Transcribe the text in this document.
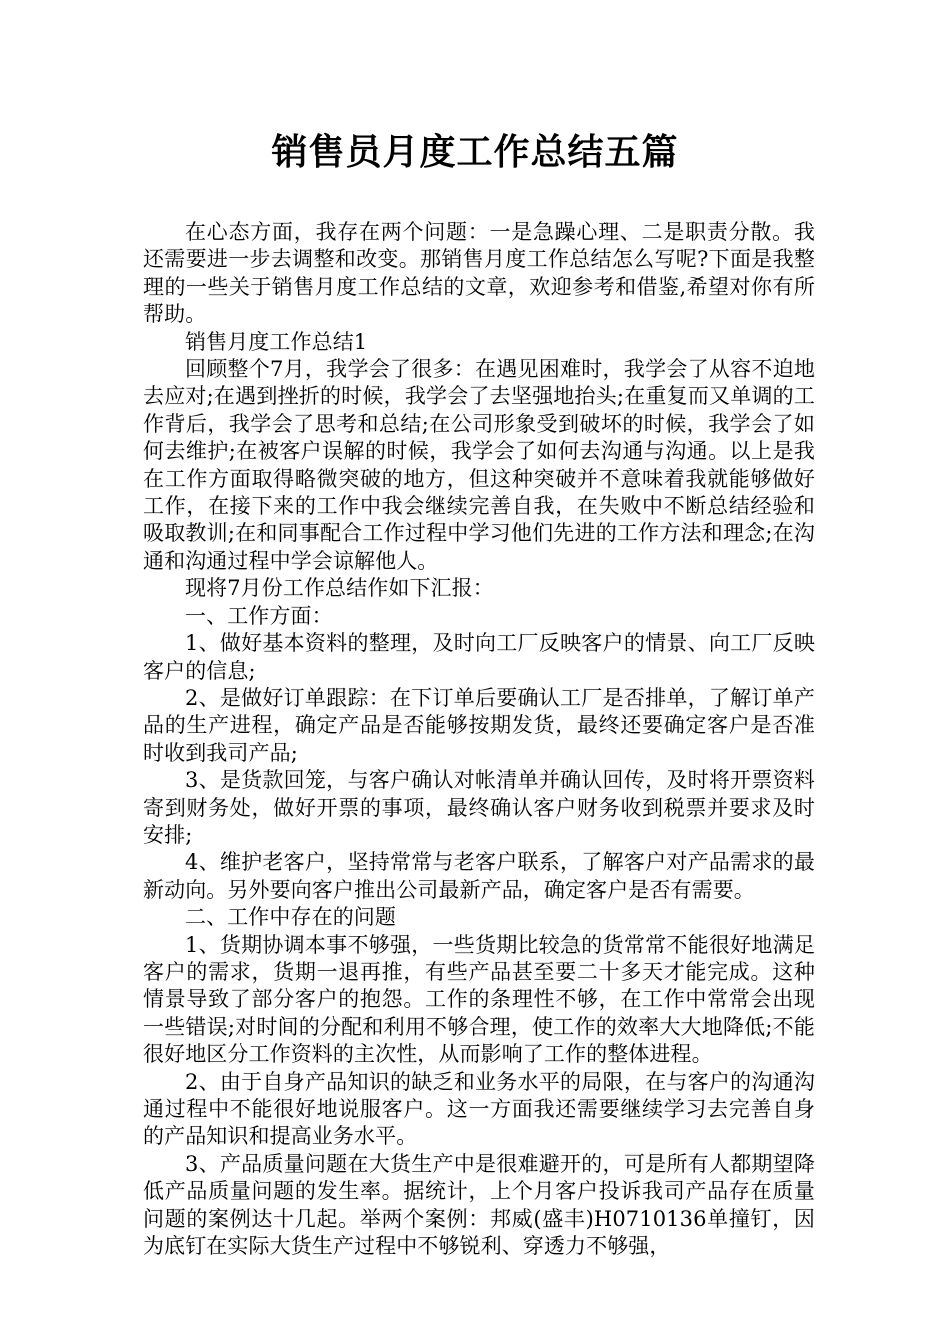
销售员月度工作总结五篇

在心态方面，我存在两个问题：一是急躁心理、二是职责分散。我还需要进一步去调整和改变。那销售月度工作总结怎么写呢?下面是我整理的一些关于销售月度工作总结的文章，欢迎参考和借鉴,希望对你有所帮助。

销售月度工作总结1

回顾整个7月，我学会了很多：在遇见困难时，我学会了从容不迫地去应对;在遇到挫折的时候，我学会了去坚强地抬头;在重复而又单调的工作背后，我学会了思考和总结;在公司形象受到破坏的时候，我学会了如何去维护;在被客户误解的时候，我学会了如何去沟通与沟通。以上是我在工作方面取得略微突破的地方，但这种突破并不意味着我就能够做好工作，在接下来的工作中我会继续完善自我，在失败中不断总结经验和吸取教训;在和同事配合工作过程中学习他们先进的工作方法和理念;在沟通和沟通过程中学会谅解他人。

现将7月份工作总结作如下汇报：

一、工作方面：

1、做好基本资料的整理，及时向工厂反映客户的情景、向工厂反映客户的信息;

2、是做好订单跟踪：在下订单后要确认工厂是否排单，了解订单产品的生产进程，确定产品是否能够按期发货，最终还要确定客户是否准时收到我司产品;

3、是货款回笼，与客户确认对帐清单并确认回传，及时将开票资料寄到财务处，做好开票的事项，最终确认客户财务收到税票并要求及时安排;

4、维护老客户，坚持常常与老客户联系，了解客户对产品需求的最新动向。另外要向客户推出公司最新产品，确定客户是否有需要。

二、工作中存在的问题

1、货期协调本事不够强，一些货期比较急的货常常不能很好地满足客户的需求，货期一退再推，有些产品甚至要二十多天才能完成。这种情景导致了部分客户的抱怨。工作的条理性不够，在工作中常常会出现一些错误;对时间的分配和利用不够合理，使工作的效率大大地降低;不能很好地区分工作资料的主次性，从而影响了工作的整体进程。

2、由于自身产品知识的缺乏和业务水平的局限，在与客户的沟通沟通过程中不能很好地说服客户。这一方面我还需要继续学习去完善自身的产品知识和提高业务水平。

3、产品质量问题在大货生产中是很难避开的，可是所有人都期望降低产品质量问题的发生率。据统计，上个月客户投诉我司产品存在质量问题的案例达十几起。举两个案例：邦威(盛丰)H0710136单撞钉，因为底钉在实际大货生产过程中不够锐利、穿透力不够强，
